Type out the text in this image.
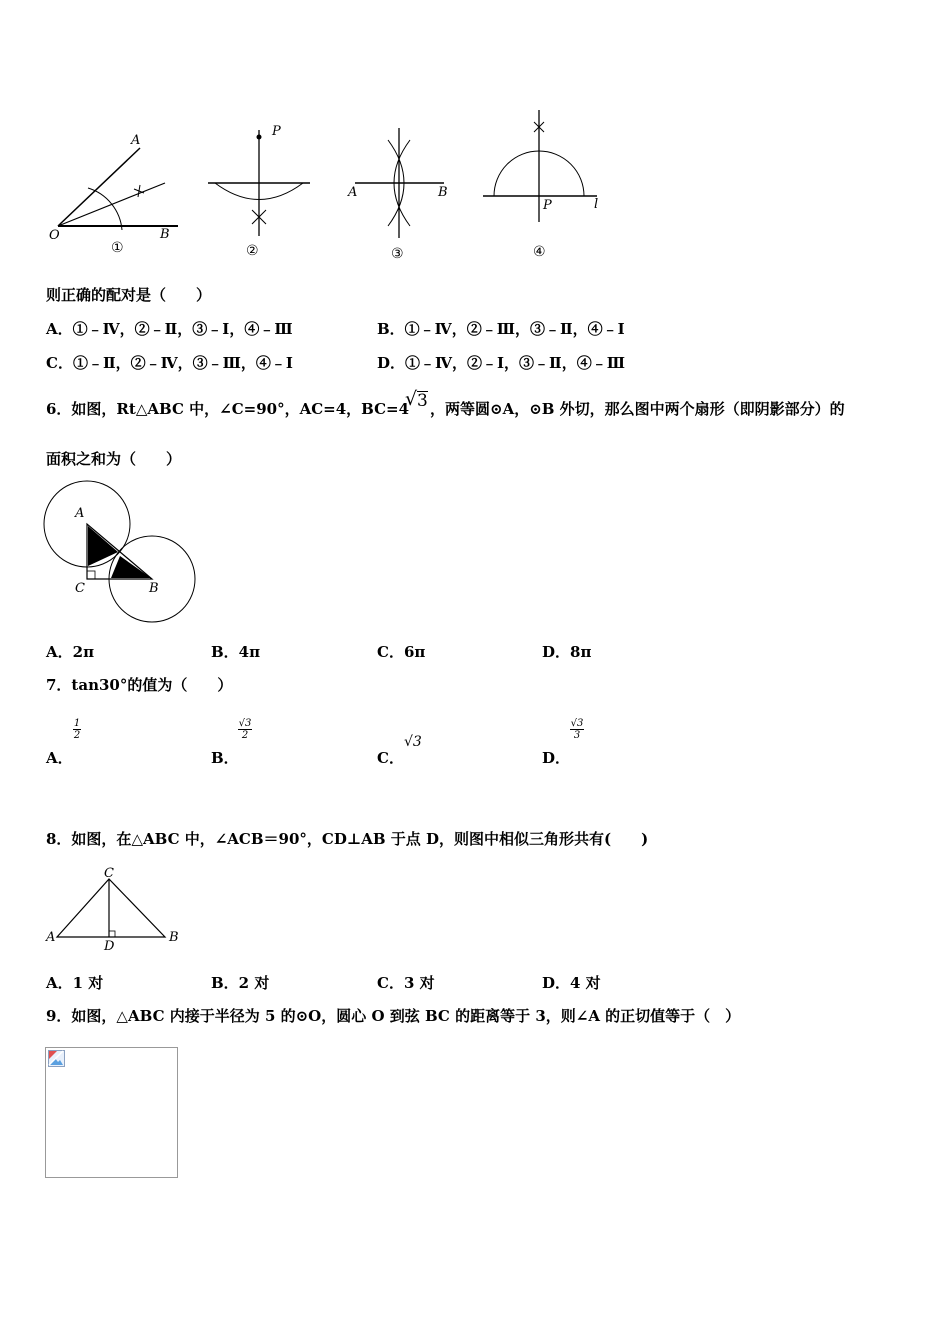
A
O	B
①
P
②
A	B
③
P	l
④
则正确的配对是（　　）
A．①﹣Ⅳ，②﹣Ⅱ，③﹣Ⅰ，④﹣Ⅲ	B．①﹣Ⅳ，②﹣Ⅲ，③﹣Ⅱ，④﹣Ⅰ
C．①﹣Ⅱ，②﹣Ⅳ，③﹣Ⅲ，④﹣Ⅰ	D．①﹣Ⅳ，②﹣Ⅰ，③﹣Ⅱ，④﹣Ⅲ
6．如图，Rt△ABC 中，∠C=90°，AC=4，BC=4
√ 3 ，两等圆⊙A，⊙B 外切，那么图中两个扇形（即阴影部分）的
面积之和为（　　）
A
C	B
A．2π	B．4π	C．6π	D．8π
7．tan30°的值为（　　）
A．
1
2
B．
√3
2
C．
√3
D．
√3
3
8．如图，在△ABC 中，∠ACB＝90°，CD⊥AB 于点 D，则图中相似三角形共有(　　)
C
A
D
B
A．1 对	B．2 对	C．3 对	D．4 对
9．如图，△ABC 内接于半径为 5 的⊙O，圆心 O 到弦 BC 的距离等于 3，则∠A 的正切值等于（　）
